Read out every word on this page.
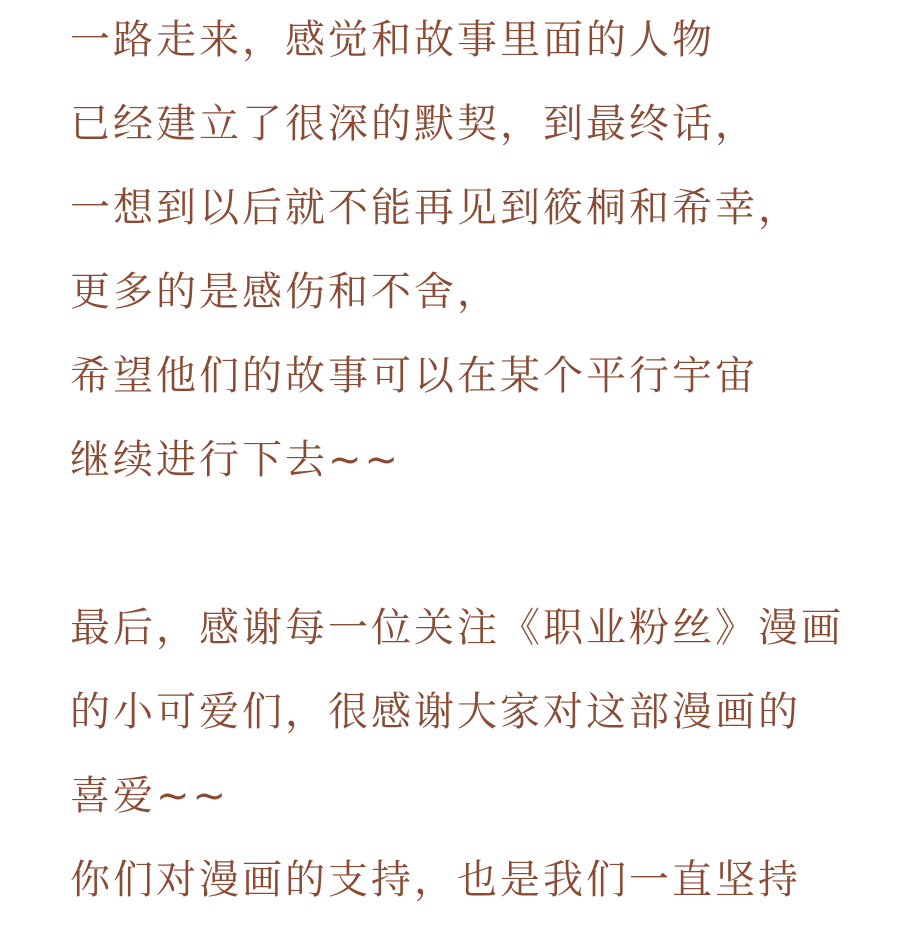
一路走来，感觉和故事里面的人物

已经建立了很深的默契，到最终话，

一想到以后就不能再见到筱桐和希幸，

更多的是感伤和不舍，

希望他们的故事可以在某个平行宇宙

继续进行下去~~

最后，感谢每一位关注《职业粉丝》漫画

的小可爱们，很感谢大家对这部漫画的

喜爱~~

你们对漫画的支持，也是我们一直坚持
